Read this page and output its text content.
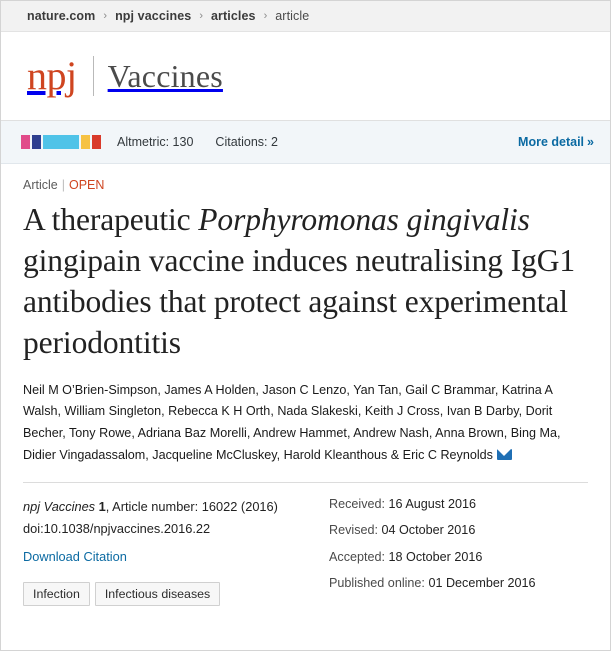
nature.com › npj vaccines › articles › article
npj Vaccines
Altmetric: 130 Citations: 2	More detail »
Article | OPEN
A therapeutic Porphyromonas gingivalis gingipain vaccine induces neutralising IgG1 antibodies that protect against experimental periodontitis
Neil M O’Brien-Simpson, James A Holden, Jason C Lenzo, Yan Tan, Gail C Brammar, Katrina A Walsh, William Singleton, Rebecca K H Orth, Nada Slakeski, Keith J Cross, Ivan B Darby, Dorit Becher, Tony Rowe, Adriana Baz Morelli, Andrew Hammet, Andrew Nash, Anna Brown, Bing Ma, Didier Vingadassalom, Jacqueline McCluskey, Harold Kleanthous & Eric C Reynolds
npj Vaccines 1, Article number: 16022 (2016)
doi:10.1038/npjvaccines.2016.22
Download Citation
Infection Infectious diseases
Received: 16 August 2016
Revised: 04 October 2016
Accepted: 18 October 2016
Published online: 01 December 2016
